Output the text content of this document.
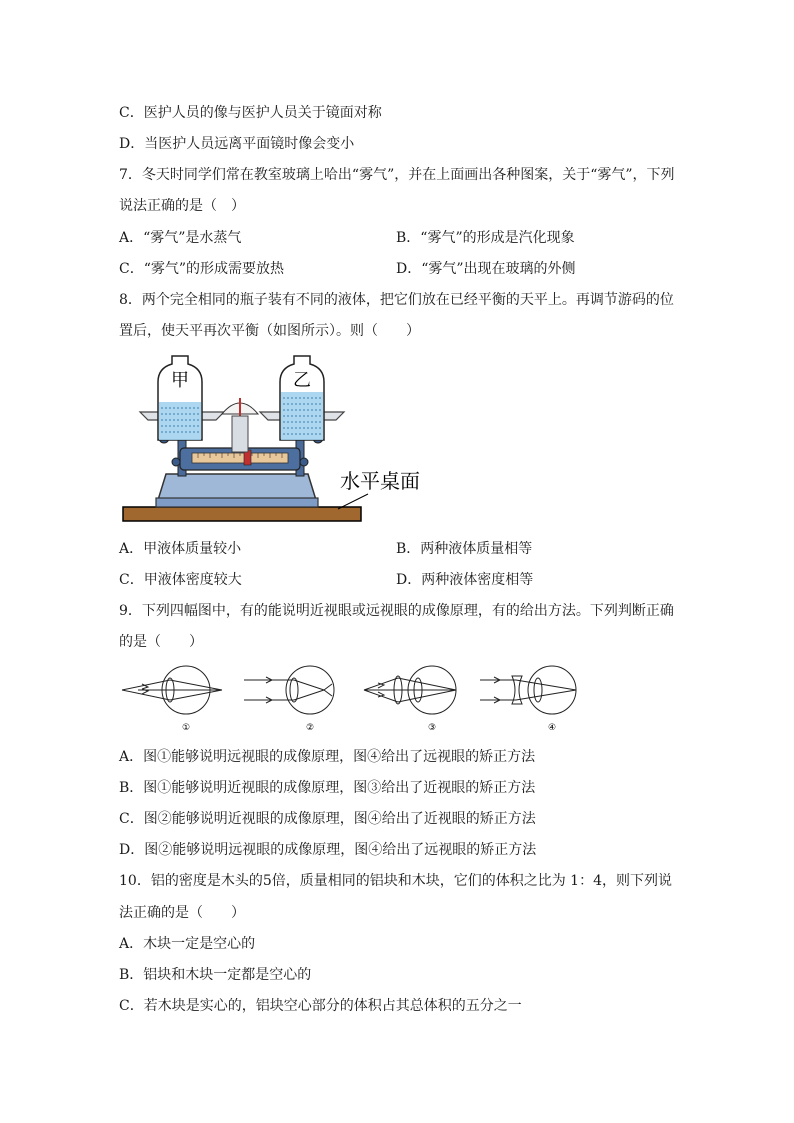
C．医护人员的像与医护人员关于镜面对称
D．当医护人员远离平面镜时像会变小
7．冬天时同学们常在教室玻璃上哈出“雾气”，并在上面画出各种图案，关于“雾气”，下列
说法正确的是（　）
A．“雾气”是水蒸气	B．“雾气”的形成是汽化现象
C．“雾气”的形成需要放热	D．“雾气”出现在玻璃的外侧
8．两个完全相同的瓶子装有不同的液体，把它们放在已经平衡的天平上。再调节游码的位
置后，使天平再次平衡（如图所示）。则（　　）
甲	乙
水平桌面
A．甲液体质量较小	B．两种液体质量相等
C．甲液体密度较大	D．两种液体密度相等
9．下列四幅图中，有的能说明近视眼或远视眼的成像原理，有的给出方法。下列判断正确
的是（　　）
①	②	③	④
A．图①能够说明远视眼的成像原理，图④给出了远视眼的矫正方法
B．图①能够说明近视眼的成像原理，图③给出了近视眼的矫正方法
C．图②能够说明近视眼的成像原理，图④给出了近视眼的矫正方法
D．图②能够说明远视眼的成像原理，图④给出了远视眼的矫正方法
10．铝的密度是木头的5倍，质量相同的铝块和木块，它们的体积之比为 1：4，则下列说
法正确的是（　　）
A．木块一定是空心的
B．铝块和木块一定都是空心的
C．若木块是实心的，铝块空心部分的体积占其总体积的五分之一
